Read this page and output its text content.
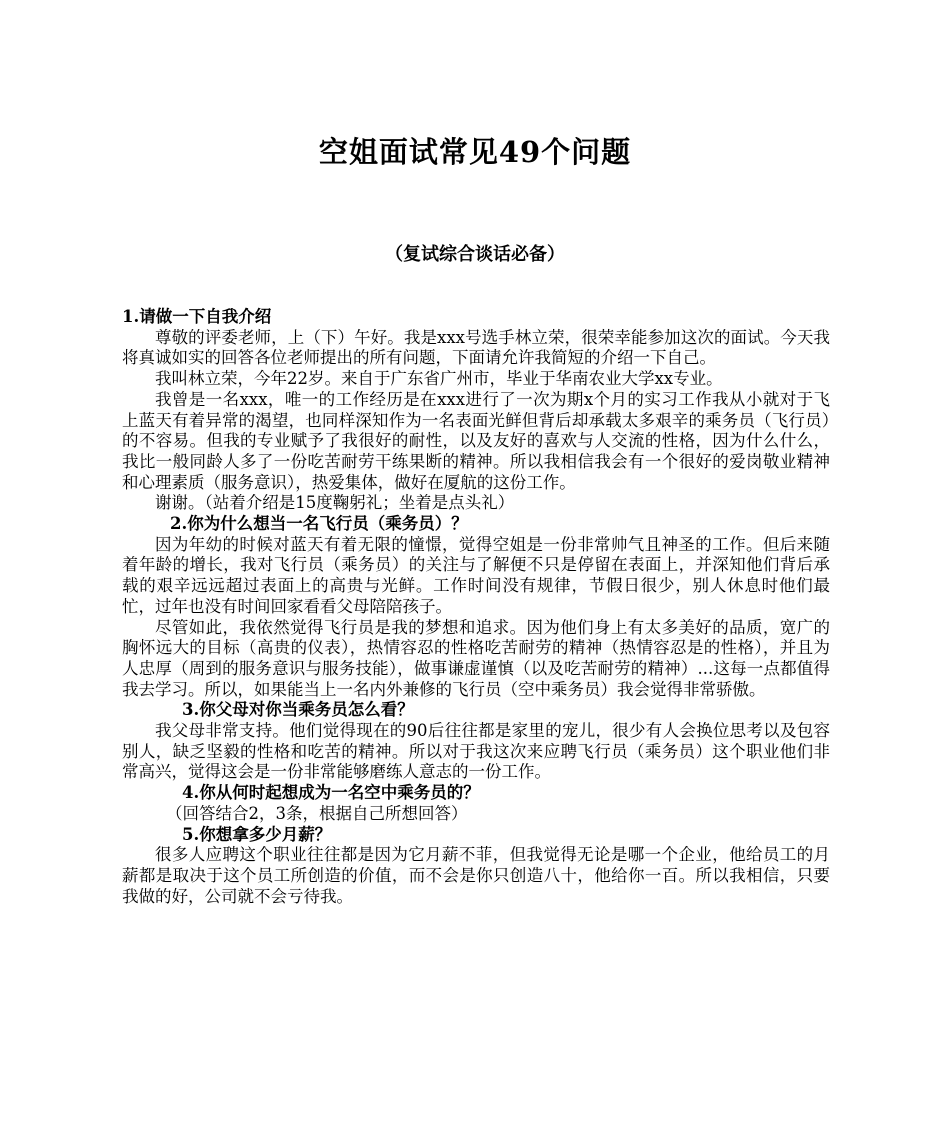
空姐面试常见49个问题
（复试综合谈话必备）

1.请做一下自我介绍

尊敬的评委老师，上（下）午好。我是xxx号选手林立荣，很荣幸能参加这次的面试。今天我将真诚如实的回答各位老师提出的所有问题，下面请允许我简短的介绍一下自己。

我叫林立荣，今年22岁。来自于广东省广州市，毕业于华南农业大学xx专业。

我曾是一名xxx，唯一的工作经历是在xxx进行了一次为期x个月的实习工作我从小就对于飞上蓝天有着异常的渴望，也同样深知作为一名表面光鲜但背后却承载太多艰辛的乘务员（飞行员）的不容易。但我的专业赋予了我很好的耐性，以及友好的喜欢与人交流的性格，因为什么什么，我比一般同龄人多了一份吃苦耐劳干练果断的精神。所以我相信我会有一个很好的爱岗敬业精神和心理素质（服务意识），热爱集体，做好在厦航的这份工作。

谢谢。（站着介绍是15度鞠躬礼；坐着是点头礼）

2.你为什么想当一名飞行员（乘务员）？

因为年幼的时候对蓝天有着无限的憧憬，觉得空姐是一份非常帅气且神圣的工作。但后来随着年龄的增长，我对飞行员（乘务员）的关注与了解便不只是停留在表面上，并深知他们背后承载的艰辛远远超过表面上的高贵与光鲜。工作时间没有规律，节假日很少，别人休息时他们最忙，过年也没有时间回家看看父母陪陪孩子。

尽管如此，我依然觉得飞行员是我的梦想和追求。因为他们身上有太多美好的品质，宽广的胸怀远大的目标（高贵的仪表），热情容忍的性格吃苦耐劳的精神（热情容忍是的性格），并且为人忠厚（周到的服务意识与服务技能），做事谦虚谨慎（以及吃苦耐劳的精神）...这每一点都值得我去学习。所以，如果能当上一名内外兼修的飞行员（空中乘务员）我会觉得非常骄傲。

3.你父母对你当乘务员怎么看？

我父母非常支持。他们觉得现在的90后往往都是家里的宠儿，很少有人会换位思考以及包容别人，缺乏坚毅的性格和吃苦的精神。所以对于我这次来应聘飞行员（乘务员）这个职业他们非常高兴，觉得这会是一份非常能够磨练人意志的一份工作。

4.你从何时起想成为一名空中乘务员的？

（回答结合2，3条，根据自己所想回答）

5.你想拿多少月薪？

很多人应聘这个职业往往都是因为它月薪不菲，但我觉得无论是哪一个企业，他给员工的月薪都是取决于这个员工所创造的价值，而不会是你只创造八十，他给你一百。所以我相信，只要我做的好，公司就不会亏待我。
